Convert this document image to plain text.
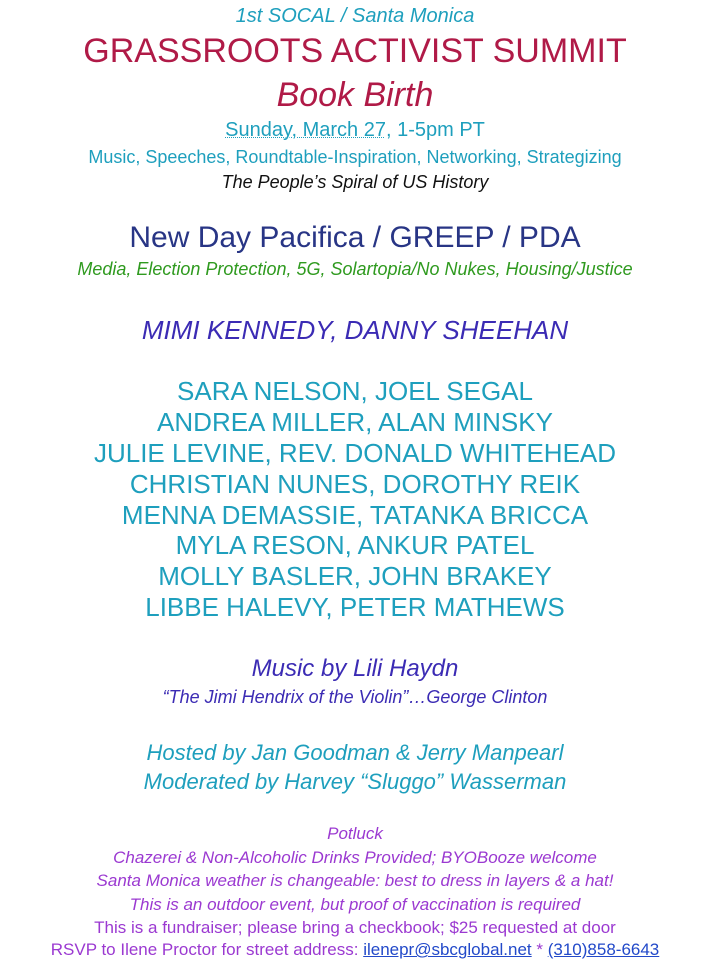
1st SOCAL / Santa Monica
GRASSROOTS ACTIVIST SUMMIT
Book Birth
Sunday, March 27, 1-5pm PT
Music, Speeches, Roundtable-Inspiration, Networking, Strategizing
The People’s Spiral of US History
New Day Pacifica / GREEP / PDA
Media, Election Protection, 5G, Solartopia/No Nukes, Housing/Justice
MIMI KENNEDY, DANNY SHEEHAN
SARA NELSON, JOEL SEGAL
ANDREA MILLER, ALAN MINSKY
JULIE LEVINE, REV. DONALD WHITEHEAD
CHRISTIAN NUNES, DOROTHY REIK
MENNA DEMASSIE, TATANKA BRICCA
MYLA RESON, ANKUR PATEL
MOLLY BASLER, JOHN BRAKEY
LIBBE HALEVY, PETER MATHEWS
Music by Lili Haydn
“The Jimi Hendrix of the Violin”…George Clinton
Hosted by Jan Goodman & Jerry Manpearl
Moderated by Harvey “Sluggo” Wasserman
Potluck
Chazerei & Non-Alcoholic Drinks Provided; BYOBooze welcome
Santa Monica weather is changeable: best to dress in layers & a hat!
This is an outdoor event, but proof of vaccination is required
This is a fundraiser; please bring a checkbook; $25 requested at door
RSVP to Ilene Proctor for street address: ilenepr@sbcglobal.net * (310)858-6643
